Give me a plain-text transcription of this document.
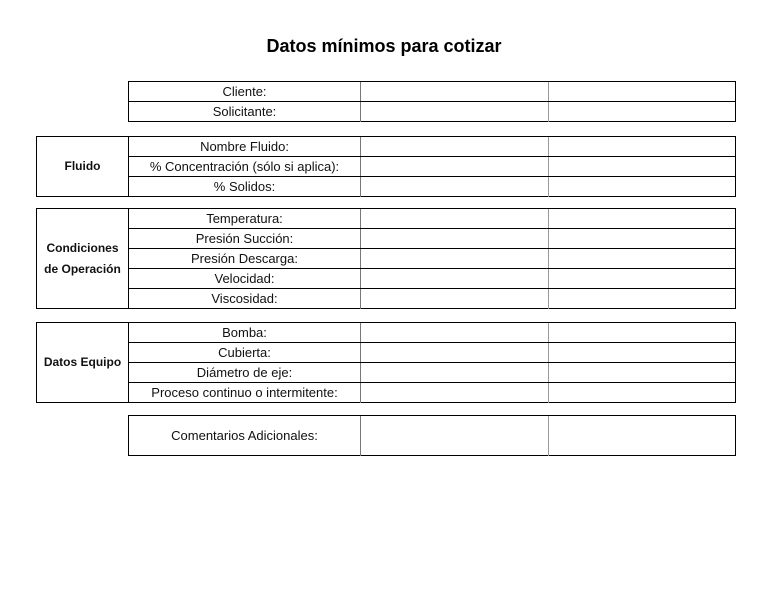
Datos mínimos para cotizar
Cliente:
Solicitante:
Fluido
Nombre Fluido:
% Concentración (sólo si aplica):
% Solidos:
Condiciones
de Operación
Temperatura:
Presión Succión:
Presión Descarga:
Velocidad:
Viscosidad:
Datos Equipo
Bomba:
Cubierta:
Diámetro de eje:
Proceso continuo o intermitente:
Comentarios Adicionales:
